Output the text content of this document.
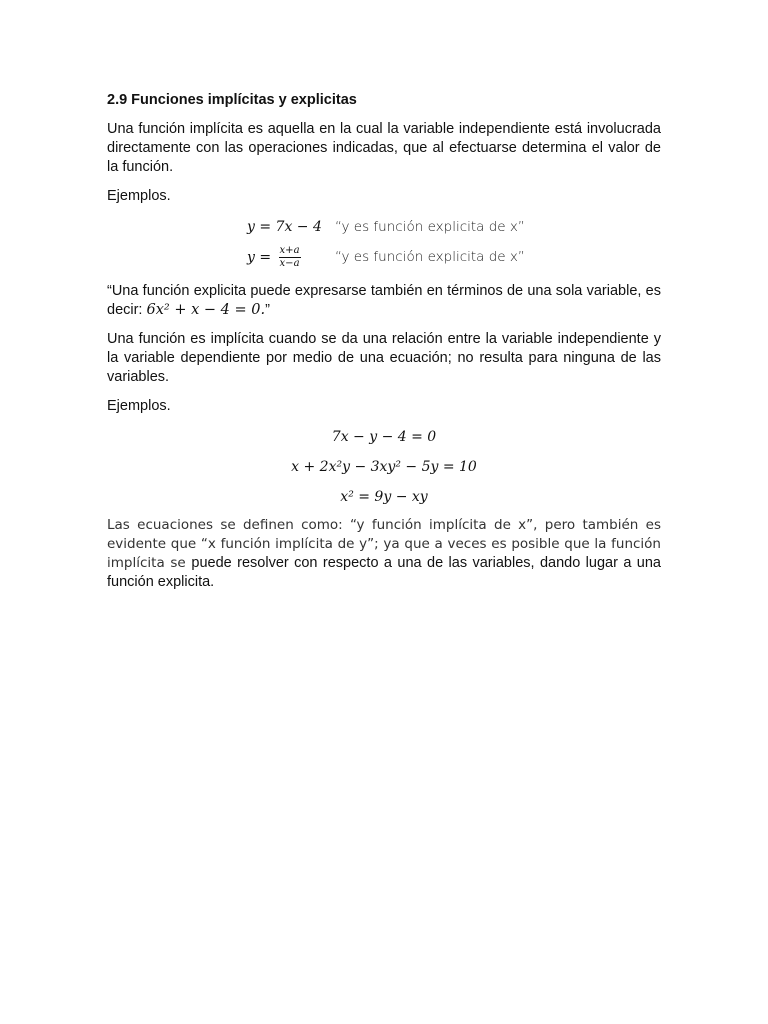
2.9 Funciones implícitas y explicitas

Una función implícita es aquella en la cual la variable independiente está involucrada directamente con las operaciones indicadas, que al efectuarse determina el valor de la función.

Ejemplos.
y = 7x − 4 “y es función explicita de x”
$y = \frac{x+a}{x-a}$	“y es función explicita de x”

“Una función explicita puede expresarse también en términos de una sola variable, es decir: 6x² + x − 4 = 0.”

Una función es implícita cuando se da una relación entre la variable independiente y la variable dependiente por medio de una ecuación; no resulta para ninguna de las variables.

Ejemplos.
7x − y − 4 = 0
x + 2x²y − 3xy² − 5y = 10
x² = 9y − xy

Las ecuaciones se definen como: “y función implícita de x”, pero también es evidente que “x función implícita de y”; ya que a veces es posible que la función implícita se puede resolver con respecto a una de las variables, dando lugar a una función explicita.
